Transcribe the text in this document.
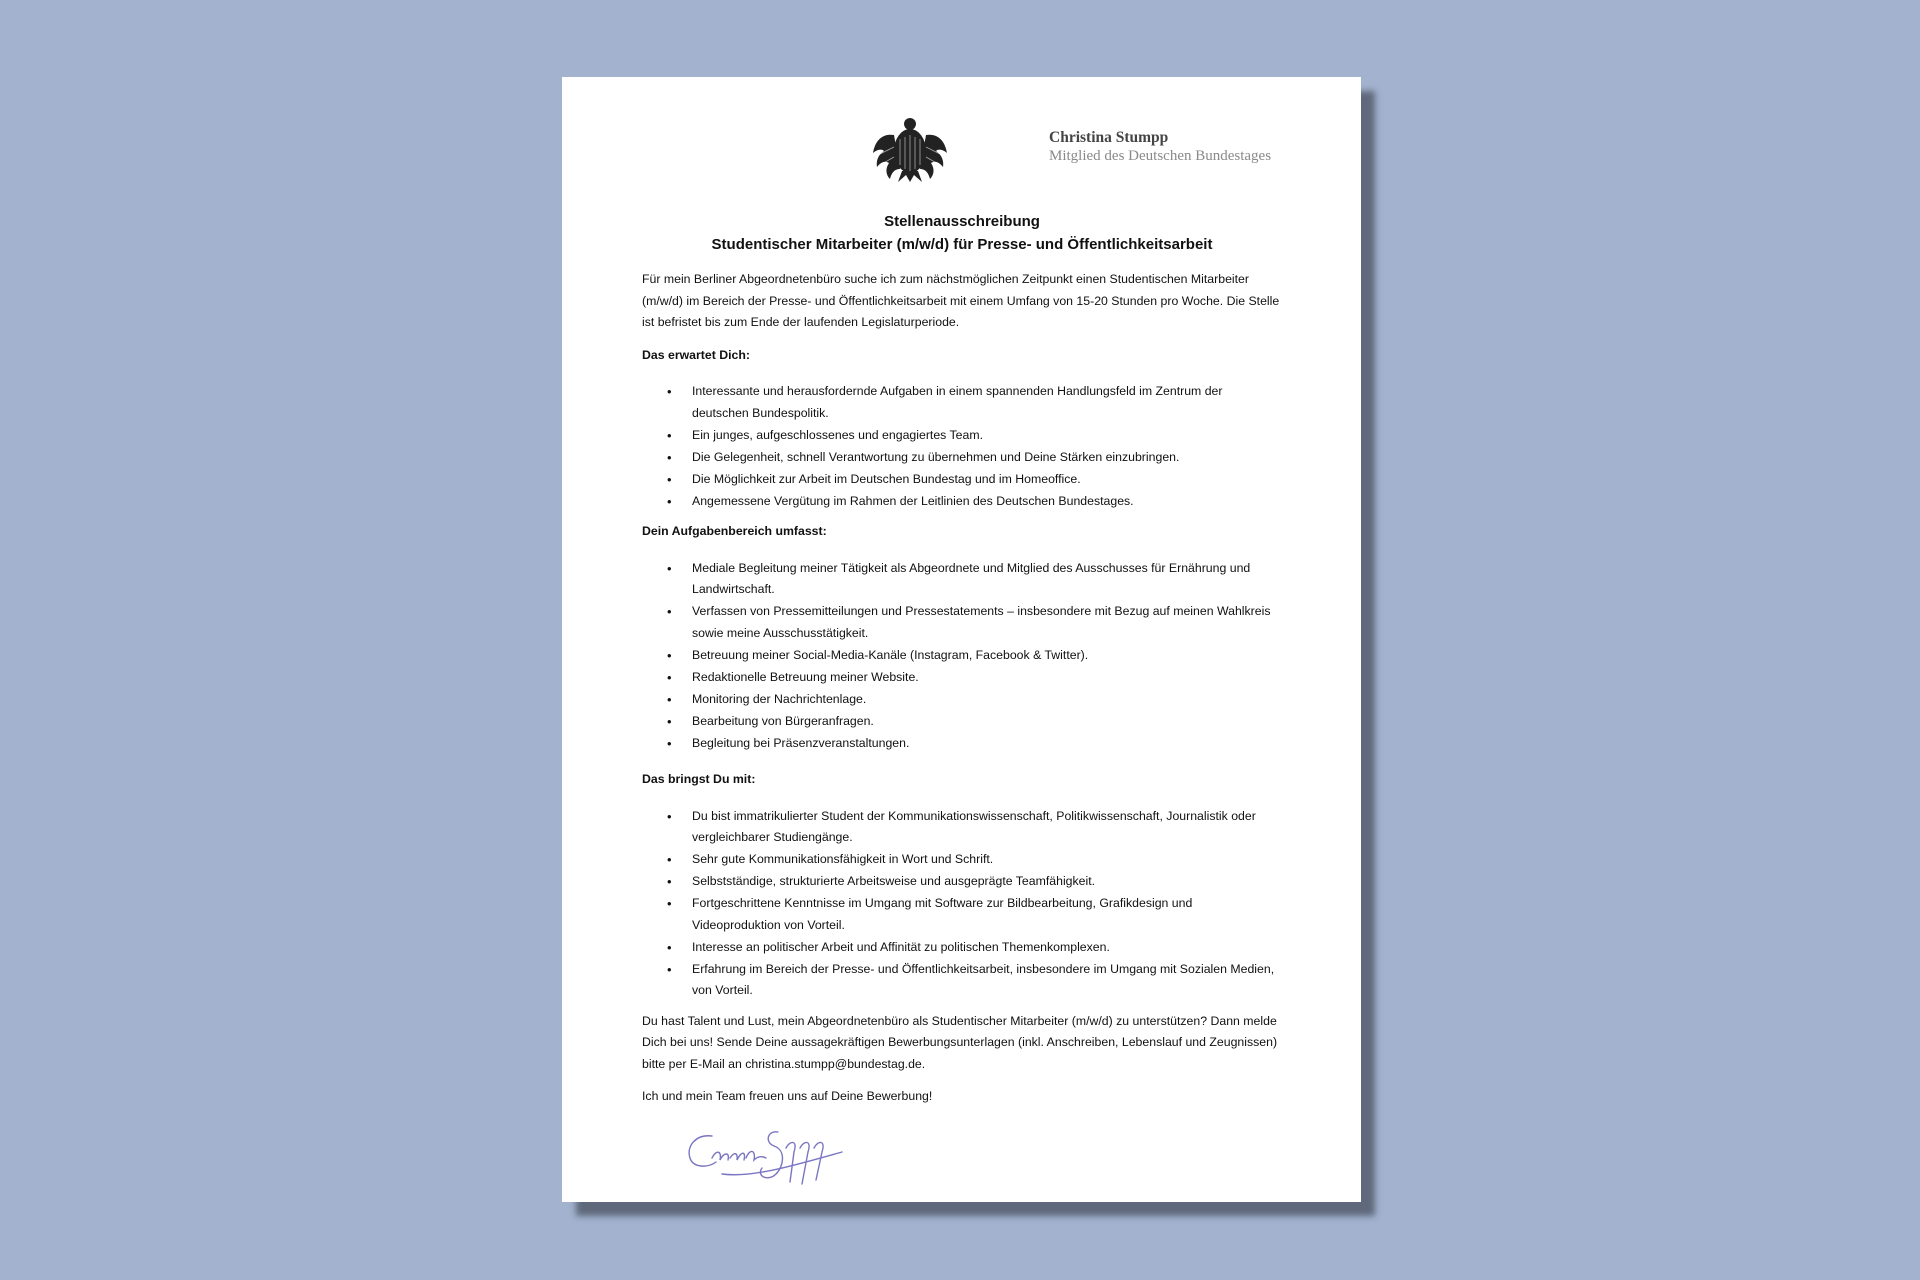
Christina Stumpp
Mitglied des Deutschen Bundestages
Stellenausschreibung
Studentischer Mitarbeiter (m/w/d) für Presse- und Öffentlichkeitsarbeit

Für mein Berliner Abgeordnetenbüro suche ich zum nächstmöglichen Zeitpunkt einen Studentischen Mitarbeiter (m/w/d) im Bereich der Presse- und Öffentlichkeitsarbeit mit einem Umfang von 15-20 Stunden pro Woche. Die Stelle ist befristet bis zum Ende der laufenden Legislaturperiode.

Das erwartet Dich:
• Interessante und herausfordernde Aufgaben in einem spannenden Handlungsfeld im Zentrum der deutschen Bundespolitik.
• Ein junges, aufgeschlossenes und engagiertes Team.
• Die Gelegenheit, schnell Verantwortung zu übernehmen und Deine Stärken einzubringen.
• Die Möglichkeit zur Arbeit im Deutschen Bundestag und im Homeoffice.
• Angemessene Vergütung im Rahmen der Leitlinien des Deutschen Bundestages.
Dein Aufgabenbereich umfasst:
• Mediale Begleitung meiner Tätigkeit als Abgeordnete und Mitglied des Ausschusses für Ernährung und Landwirtschaft.
• Verfassen von Pressemitteilungen und Pressestatements – insbesondere mit Bezug auf meinen Wahlkreis sowie meine Ausschusstätigkeit.
• Betreuung meiner Social-Media-Kanäle (Instagram, Facebook & Twitter).
• Redaktionelle Betreuung meiner Website.
• Monitoring der Nachrichtenlage.
• Bearbeitung von Bürgeranfragen.
• Begleitung bei Präsenzveranstaltungen.
Das bringst Du mit:
• Du bist immatrikulierter Student der Kommunikationswissenschaft, Politikwissenschaft, Journalistik oder vergleichbarer Studiengänge.
• Sehr gute Kommunikationsfähigkeit in Wort und Schrift.
• Selbstständige, strukturierte Arbeitsweise und ausgeprägte Teamfähigkeit.
• Fortgeschrittene Kenntnisse im Umgang mit Software zur Bildbearbeitung, Grafikdesign und Videoproduktion von Vorteil.
• Interesse an politischer Arbeit und Affinität zu politischen Themenkomplexen.
• Erfahrung im Bereich der Presse- und Öffentlichkeitsarbeit, insbesondere im Umgang mit Sozialen Medien, von Vorteil.

Du hast Talent und Lust, mein Abgeordnetenbüro als Studentischer Mitarbeiter (m/w/d) zu unterstützen? Dann melde Dich bei uns! Sende Deine aussagekräftigen Bewerbungsunterlagen (inkl. Anschreiben, Lebenslauf und Zeugnissen) bitte per E-Mail an christina.stumpp@bundestag.de.

Ich und mein Team freuen uns auf Deine Bewerbung!
